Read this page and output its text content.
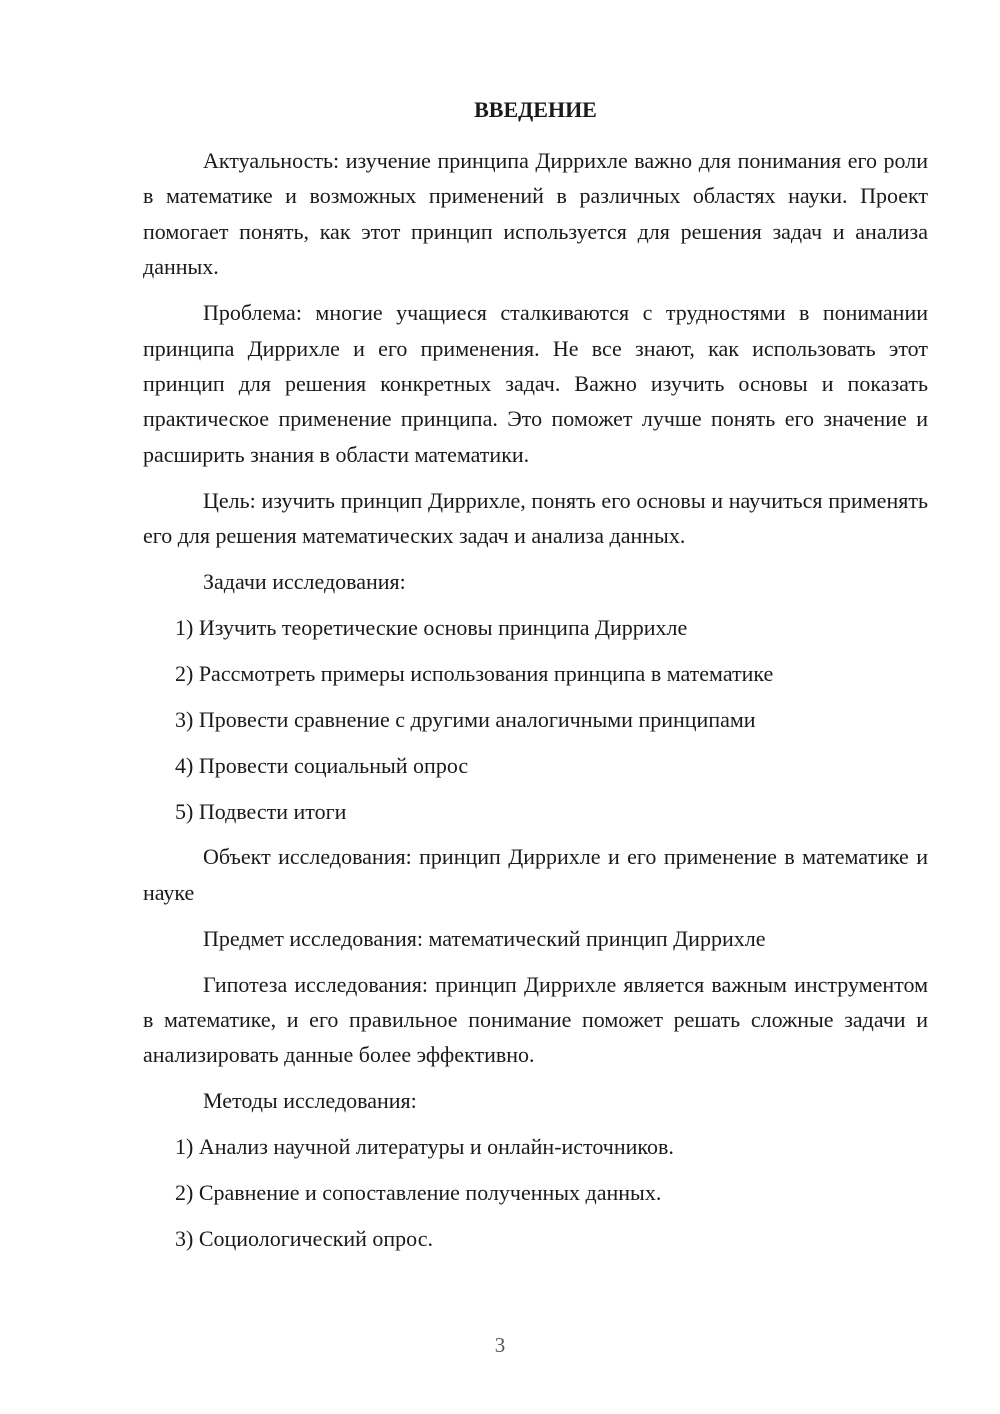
ВВЕДЕНИЕ
Актуальность: изучение принципа Диррихле важно для понимания его роли в математике и возможных применений в различных областях науки. Проект помогает понять, как этот принцип используется для решения задач и анализа данных.
Проблема: многие учащиеся сталкиваются с трудностями в понимании принципа Диррихле и его применения. Не все знают, как использовать этот принцип для решения конкретных задач. Важно изучить основы и показать практическое применение принципа. Это поможет лучше понять его значение и расширить знания в области математики.
Цель: изучить принцип Диррихле, понять его основы и научиться применять его для решения математических задач и анализа данных.
Задачи исследования:
1) Изучить теоретические основы принципа Диррихле
2) Рассмотреть примеры использования принципа в математике
3) Провести сравнение с другими аналогичными принципами
4) Провести социальный опрос
5) Подвести итоги
Объект исследования: принцип Диррихле и его применение в математике и науке
Предмет исследования: математический принцип Диррихле
Гипотеза исследования: принцип Диррихле является важным инструментом в математике, и его правильное понимание поможет решать сложные задачи и анализировать данные более эффективно.
Методы исследования:
1) Анализ научной литературы и онлайн-источников.
2) Сравнение и сопоставление полученных данных.
3) Социологический опрос.
3
